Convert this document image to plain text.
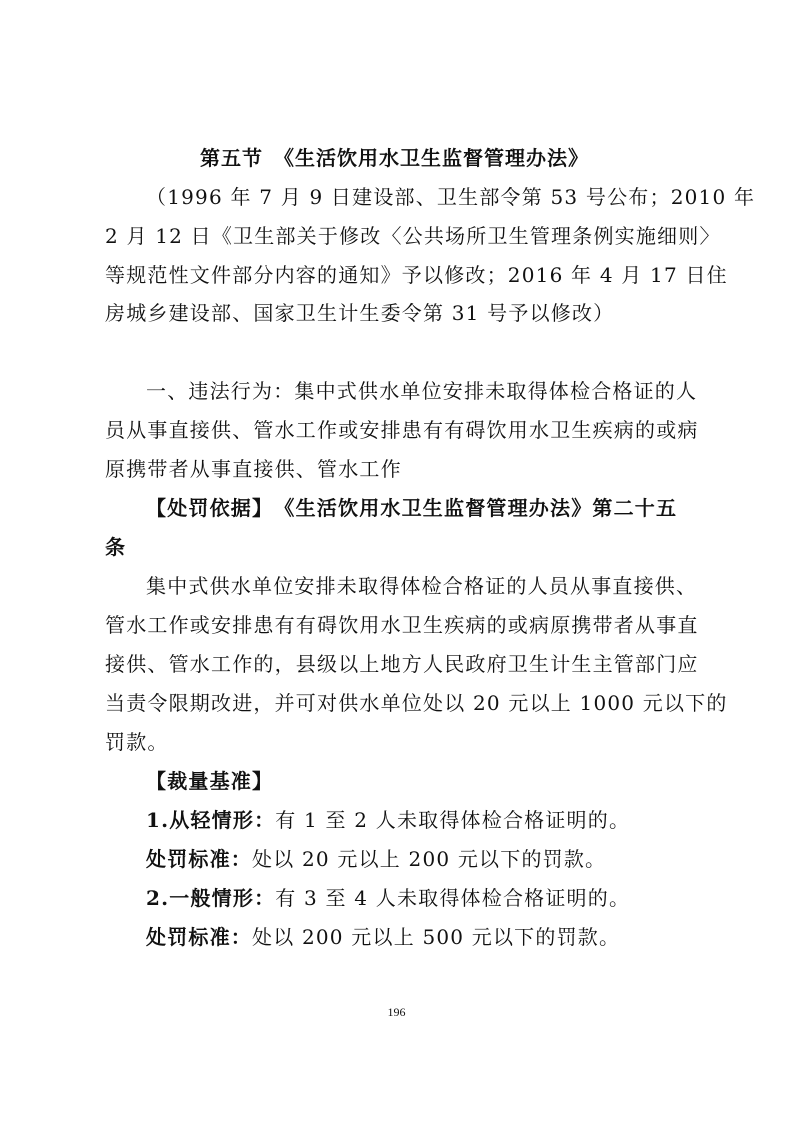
第五节　《生活饮用水卫生监督管理办法》
（1996 年 7 月 9 日建设部、卫生部令第 53 号公布；2010 年
2 月 12 日《卫生部关于修改〈公共场所卫生管理条例实施细则〉
等规范性文件部分内容的通知》予以修改；2016 年 4 月 17 日住
房城乡建设部、国家卫生计生委令第 31 号予以修改）
一、违法行为：集中式供水单位安排未取得体检合格证的人
员从事直接供、管水工作或安排患有有碍饮用水卫生疾病的或病
原携带者从事直接供、管水工作
【处罚依据】　《生活饮用水卫生监督管理办法》第二十五
条
集中式供水单位安排未取得体检合格证的人员从事直接供、
管水工作或安排患有有碍饮用水卫生疾病的或病原携带者从事直
接供、管水工作的，县级以上地方人民政府卫生计生主管部门应
当责令限期改进，并可对供水单位处以 20 元以上 1000 元以下的
罚款。
【裁量基准】
1.从轻情形：有 1 至 2 人未取得体检合格证明的。
处罚标准：处以 20 元以上 200 元以下的罚款。
2.一般情形：有 3 至 4 人未取得体检合格证明的。
处罚标准：处以 200 元以上 500 元以下的罚款。
196
